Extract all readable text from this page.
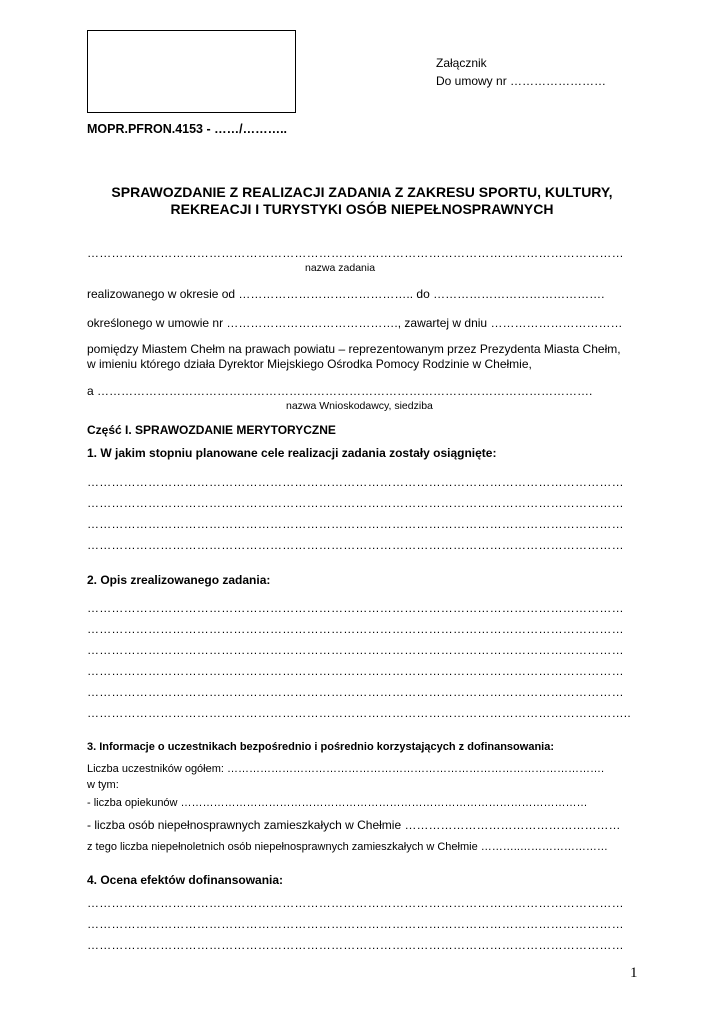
Załącznik
Do umowy nr ……………………
MOPR.PFRON.4153 - ……/………..
SPRAWOZDANIE Z REALIZACJI ZADANIA Z ZAKRESU SPORTU, KULTURY,
REKREACJI I TURYSTYKI OSÓB NIEPEŁNOSPRAWNYCH
……………………………………………………………………………………………………………………
nazwa zadania
realizowanego w okresie od …………………………………….. do …………………………………….
określonego w umowie nr ……………………………………., zawartej w dniu ……………………………
pomiędzy Miastem Chełm na prawach powiatu – reprezentowanym przez Prezydenta Miasta Chełm,
w imieniu którego działa Dyrektor Miejskiego Ośrodka Pomocy Rodzinie w Chełmie,
a …………………………………………………………………………………………………………….
nazwa Wnioskodawcy, siedziba
Część I. SPRAWOZDANIE MERYTORYCZNE
1. W jakim stopniu planowane cele realizacji zadania zostały osiągnięte:
……………………………………………………………………………………………………………………
……………………………………………………………………………………………………………………
……………………………………………………………………………………………………………………
……………………………………………………………………………………………………………………
2. Opis zrealizowanego zadania:
……………………………………………………………………………………………………………………
……………………………………………………………………………………………………………………
……………………………………………………………………………………………………………………
……………………………………………………………………………………………………………………
……………………………………………………………………………………………………………………
……………………………………………………………………………………………………………………..
3. Informacje o uczestnikach bezpośrednio i pośrednio korzystających z dofinansowania:
Liczba uczestników ogółem: ………………………………………………………………………………………….
w tym:
- liczba opiekunów …………………………………………………………………………………………………
- liczba osób niepełnosprawnych zamieszkałych w Chełmie ………………………………………………
z tego liczba niepełnoletnich osób niepełnosprawnych zamieszkałych w Chełmie ………..……………………
4. Ocena efektów dofinansowania:
……………………………………………………………………………………………………………………
……………………………………………………………………………………………………………………
……………………………………………………………………………………………………………………
1
